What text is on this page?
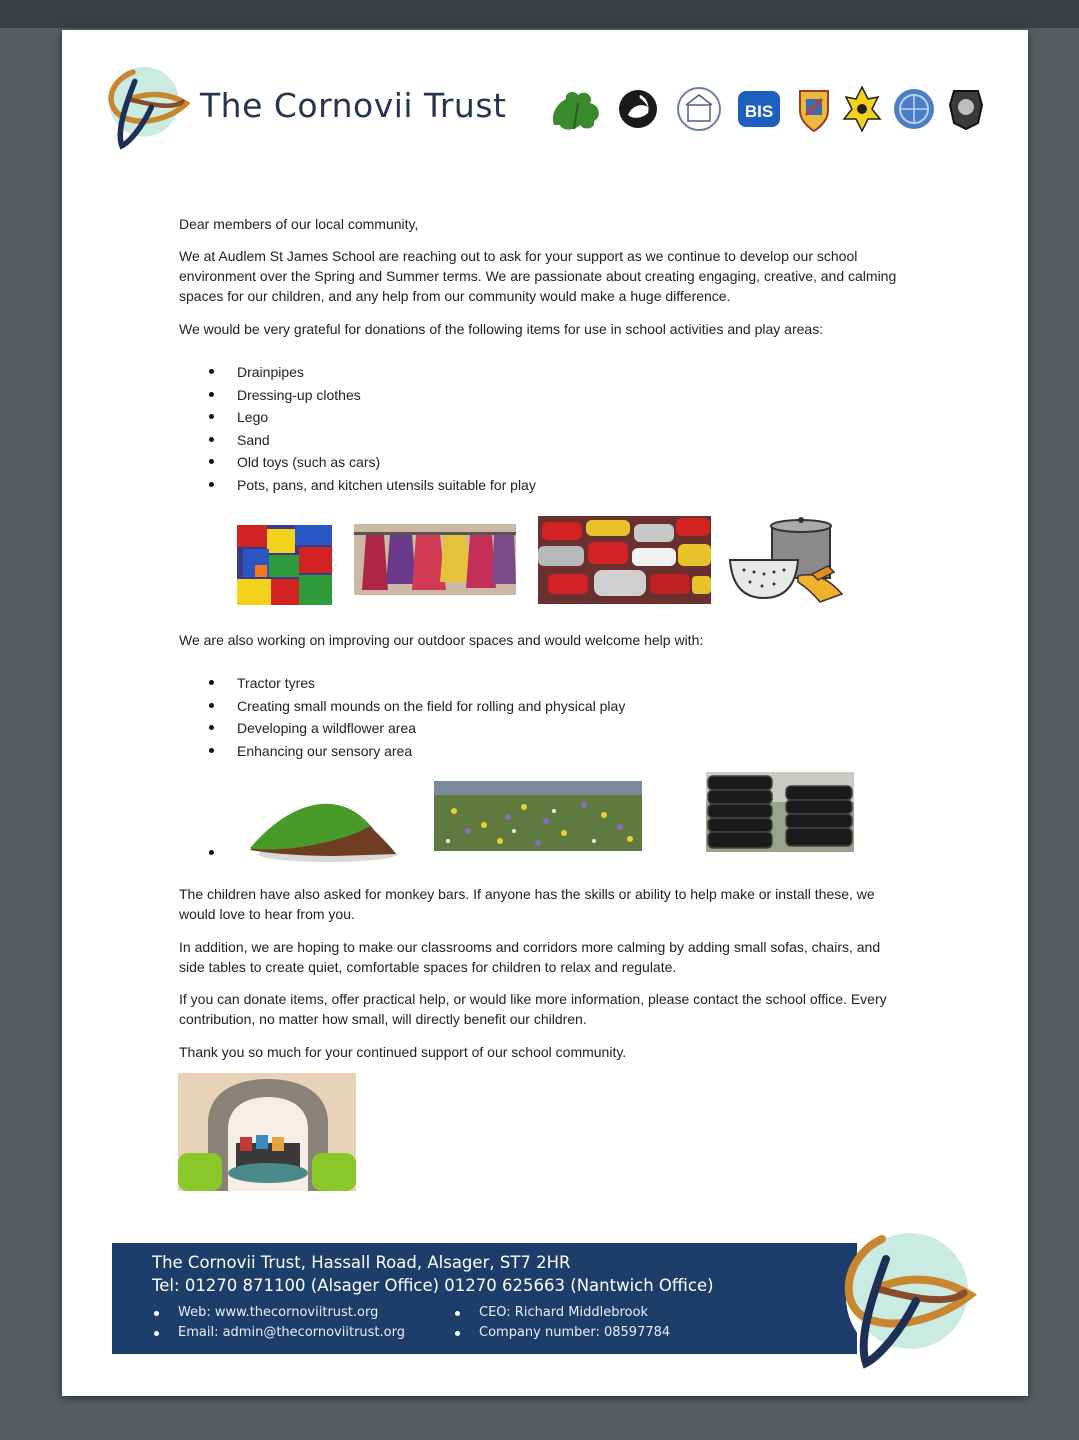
The Cornovii Trust	BIS
Dear members of our local community,
We at Audlem St James School are reaching out to ask for your support as we continue to develop our school environment over the Spring and Summer terms. We are passionate about creating engaging, creative, and calming spaces for our children, and any help from our community would make a huge difference.
We would be very grateful for donations of the following items for use in school activities and play areas:
Drainpipes
Dressing-up clothes
Lego
Sand
Old toys (such as cars)
Pots, pans, and kitchen utensils suitable for play
We are also working on improving our outdoor spaces and would welcome help with:
Tractor tyres
Creating small mounds on the field for rolling and physical play
Developing a wildflower area
Enhancing our sensory area
The children have also asked for monkey bars. If anyone has the skills or ability to help make or install these, we would love to hear from you.
In addition, we are hoping to make our classrooms and corridors more calming by adding small sofas, chairs, and side tables to create quiet, comfortable spaces for children to relax and regulate.
If you can donate items, offer practical help, or would like more information, please contact the school office. Every contribution, no matter how small, will directly benefit our children.
Thank you so much for your continued support of our school community.
The Cornovii Trust, Hassall Road, Alsager, ST7 2HR
Tel: 01270 871100 (Alsager Office) 01270 625663 (Nantwich Office)
Web: www.thecornoviitrust.org
Email: admin@thecornoviitrust.org
CEO: Richard Middlebrook
Company number: 08597784
